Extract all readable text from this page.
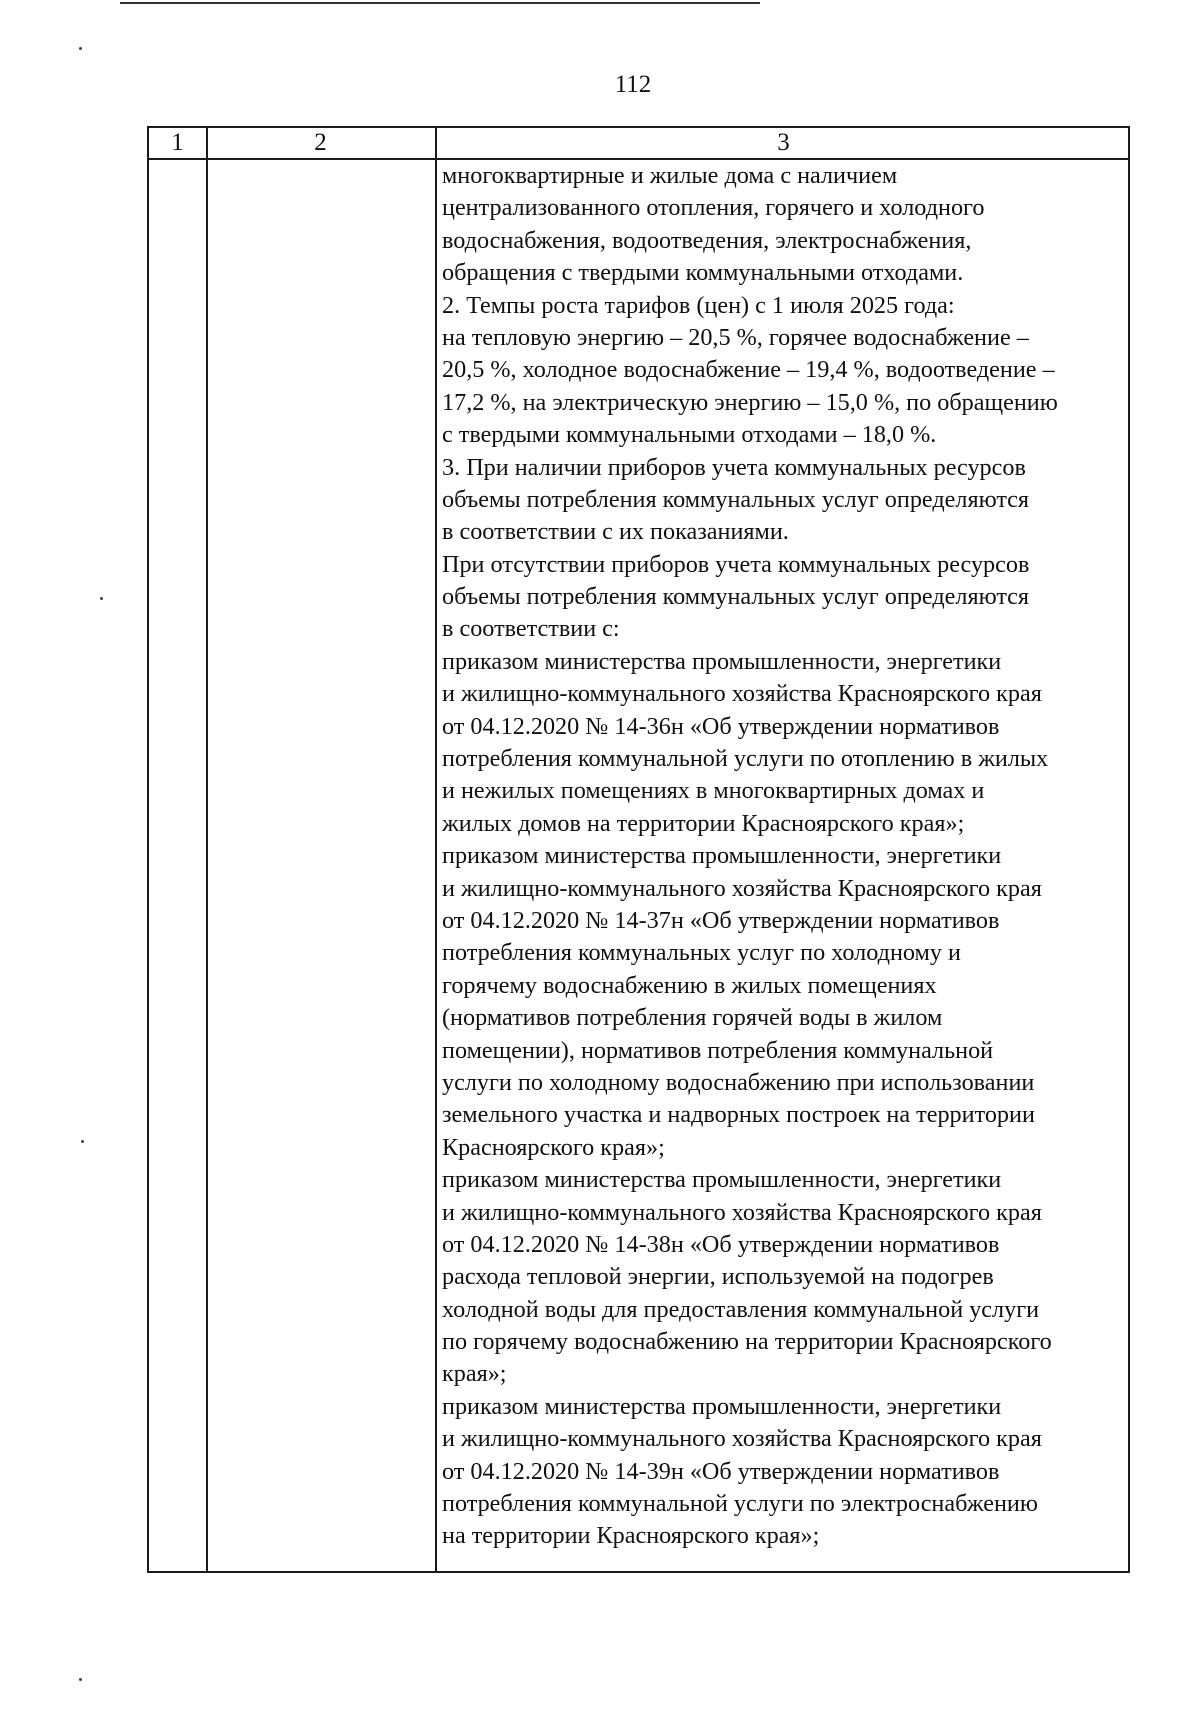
112
1	2	3
многоквартирные и жилые дома с наличием
централизованного отопления, горячего и холодного
водоснабжения, водоотведения, электроснабжения,
обращения с твердыми коммунальными отходами.
2. Темпы роста тарифов (цен) с 1 июля 2025 года:
на тепловую энергию – 20,5 %, горячее водоснабжение –
20,5 %, холодное водоснабжение – 19,4 %, водоотведение –
17,2 %, на электрическую энергию – 15,0 %, по обращению
с твердыми коммунальными отходами – 18,0 %.
3. При наличии приборов учета коммунальных ресурсов
объемы потребления коммунальных услуг определяются
в соответствии с их показаниями.
При отсутствии приборов учета коммунальных ресурсов
объемы потребления коммунальных услуг определяются
в соответствии с:
приказом министерства промышленности, энергетики
и жилищно-коммунального хозяйства Красноярского края
от 04.12.2020 № 14-36н «Об утверждении нормативов
потребления коммунальной услуги по отоплению в жилых
и нежилых помещениях в многоквартирных домах и
жилых домов на территории Красноярского края»;
приказом министерства промышленности, энергетики
и жилищно-коммунального хозяйства Красноярского края
от 04.12.2020 № 14-37н «Об утверждении нормативов
потребления коммунальных услуг по холодному и
горячему водоснабжению в жилых помещениях
(нормативов потребления горячей воды в жилом
помещении), нормативов потребления коммунальной
услуги по холодному водоснабжению при использовании
земельного участка и надворных построек на территории
Красноярского края»;
приказом министерства промышленности, энергетики
и жилищно-коммунального хозяйства Красноярского края
от 04.12.2020 № 14-38н «Об утверждении нормативов
расхода тепловой энергии, используемой на подогрев
холодной воды для предоставления коммунальной услуги
по горячему водоснабжению на территории Красноярского
края»;
приказом министерства промышленности, энергетики
и жилищно-коммунального хозяйства Красноярского края
от 04.12.2020 № 14-39н «Об утверждении нормативов
потребления коммунальной услуги по электроснабжению
на территории Красноярского края»;
